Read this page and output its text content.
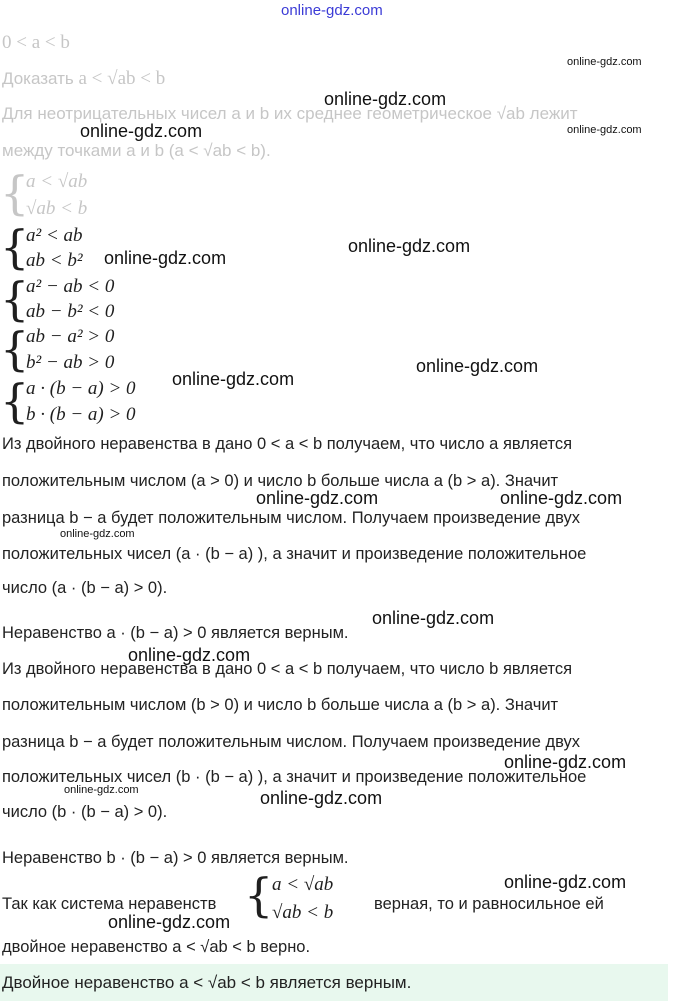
online-gdz.com
0 < a < b
Доказать a < √ab < b
Для неотрицательных чисел a и b их среднее геометрическое √ab лежит
между точками a и b (a < √ab < b).
{
a < √ab
√ab < b
{
a² < ab
ab < b²
{
a² − ab < 0
ab − b² < 0
{
ab − a² > 0
b² − ab > 0
{
a · (b − a) > 0
b · (b − a) > 0
Из двойного неравенства в дано 0 < a < b получаем, что число a является
положительным числом (a > 0) и число b больше числа a (b > a). Значит
разница b − a будет положительным числом. Получаем произведение двух
положительных чисел (a · (b − a) ), а значит и произведение положительное
число (a · (b − a) > 0).
Неравенство a · (b − a) > 0 является верным.
Из двойного неравенства в дано 0 < a < b получаем, что число b является
положительным числом (b > 0) и число b больше числа a (b > a). Значит
разница b − a будет положительным числом. Получаем произведение двух
положительных чисел (b · (b − a) ), а значит и произведение положительное
число (b · (b − a) > 0).
Неравенство b · (b − a) > 0 является верным.
Так как система неравенств {
a < √ab
√ab < b верная, то и равносильное ей
двойное неравенство a < √ab < b верно.
Двойное неравенство a < √ab < b является верным.
online-gdz.com
online-gdz.com
online-gdz.com	online-gdz.com
online-gdz.com
online-gdz.com
online-gdz.com
online-gdz.com
online-gdz.com	online-gdz.com
online-gdz.com
online-gdz.com
online-gdz.com
online-gdz.com
online-gdz.com	online-gdz.com
online-gdz.com
online-gdz.com
